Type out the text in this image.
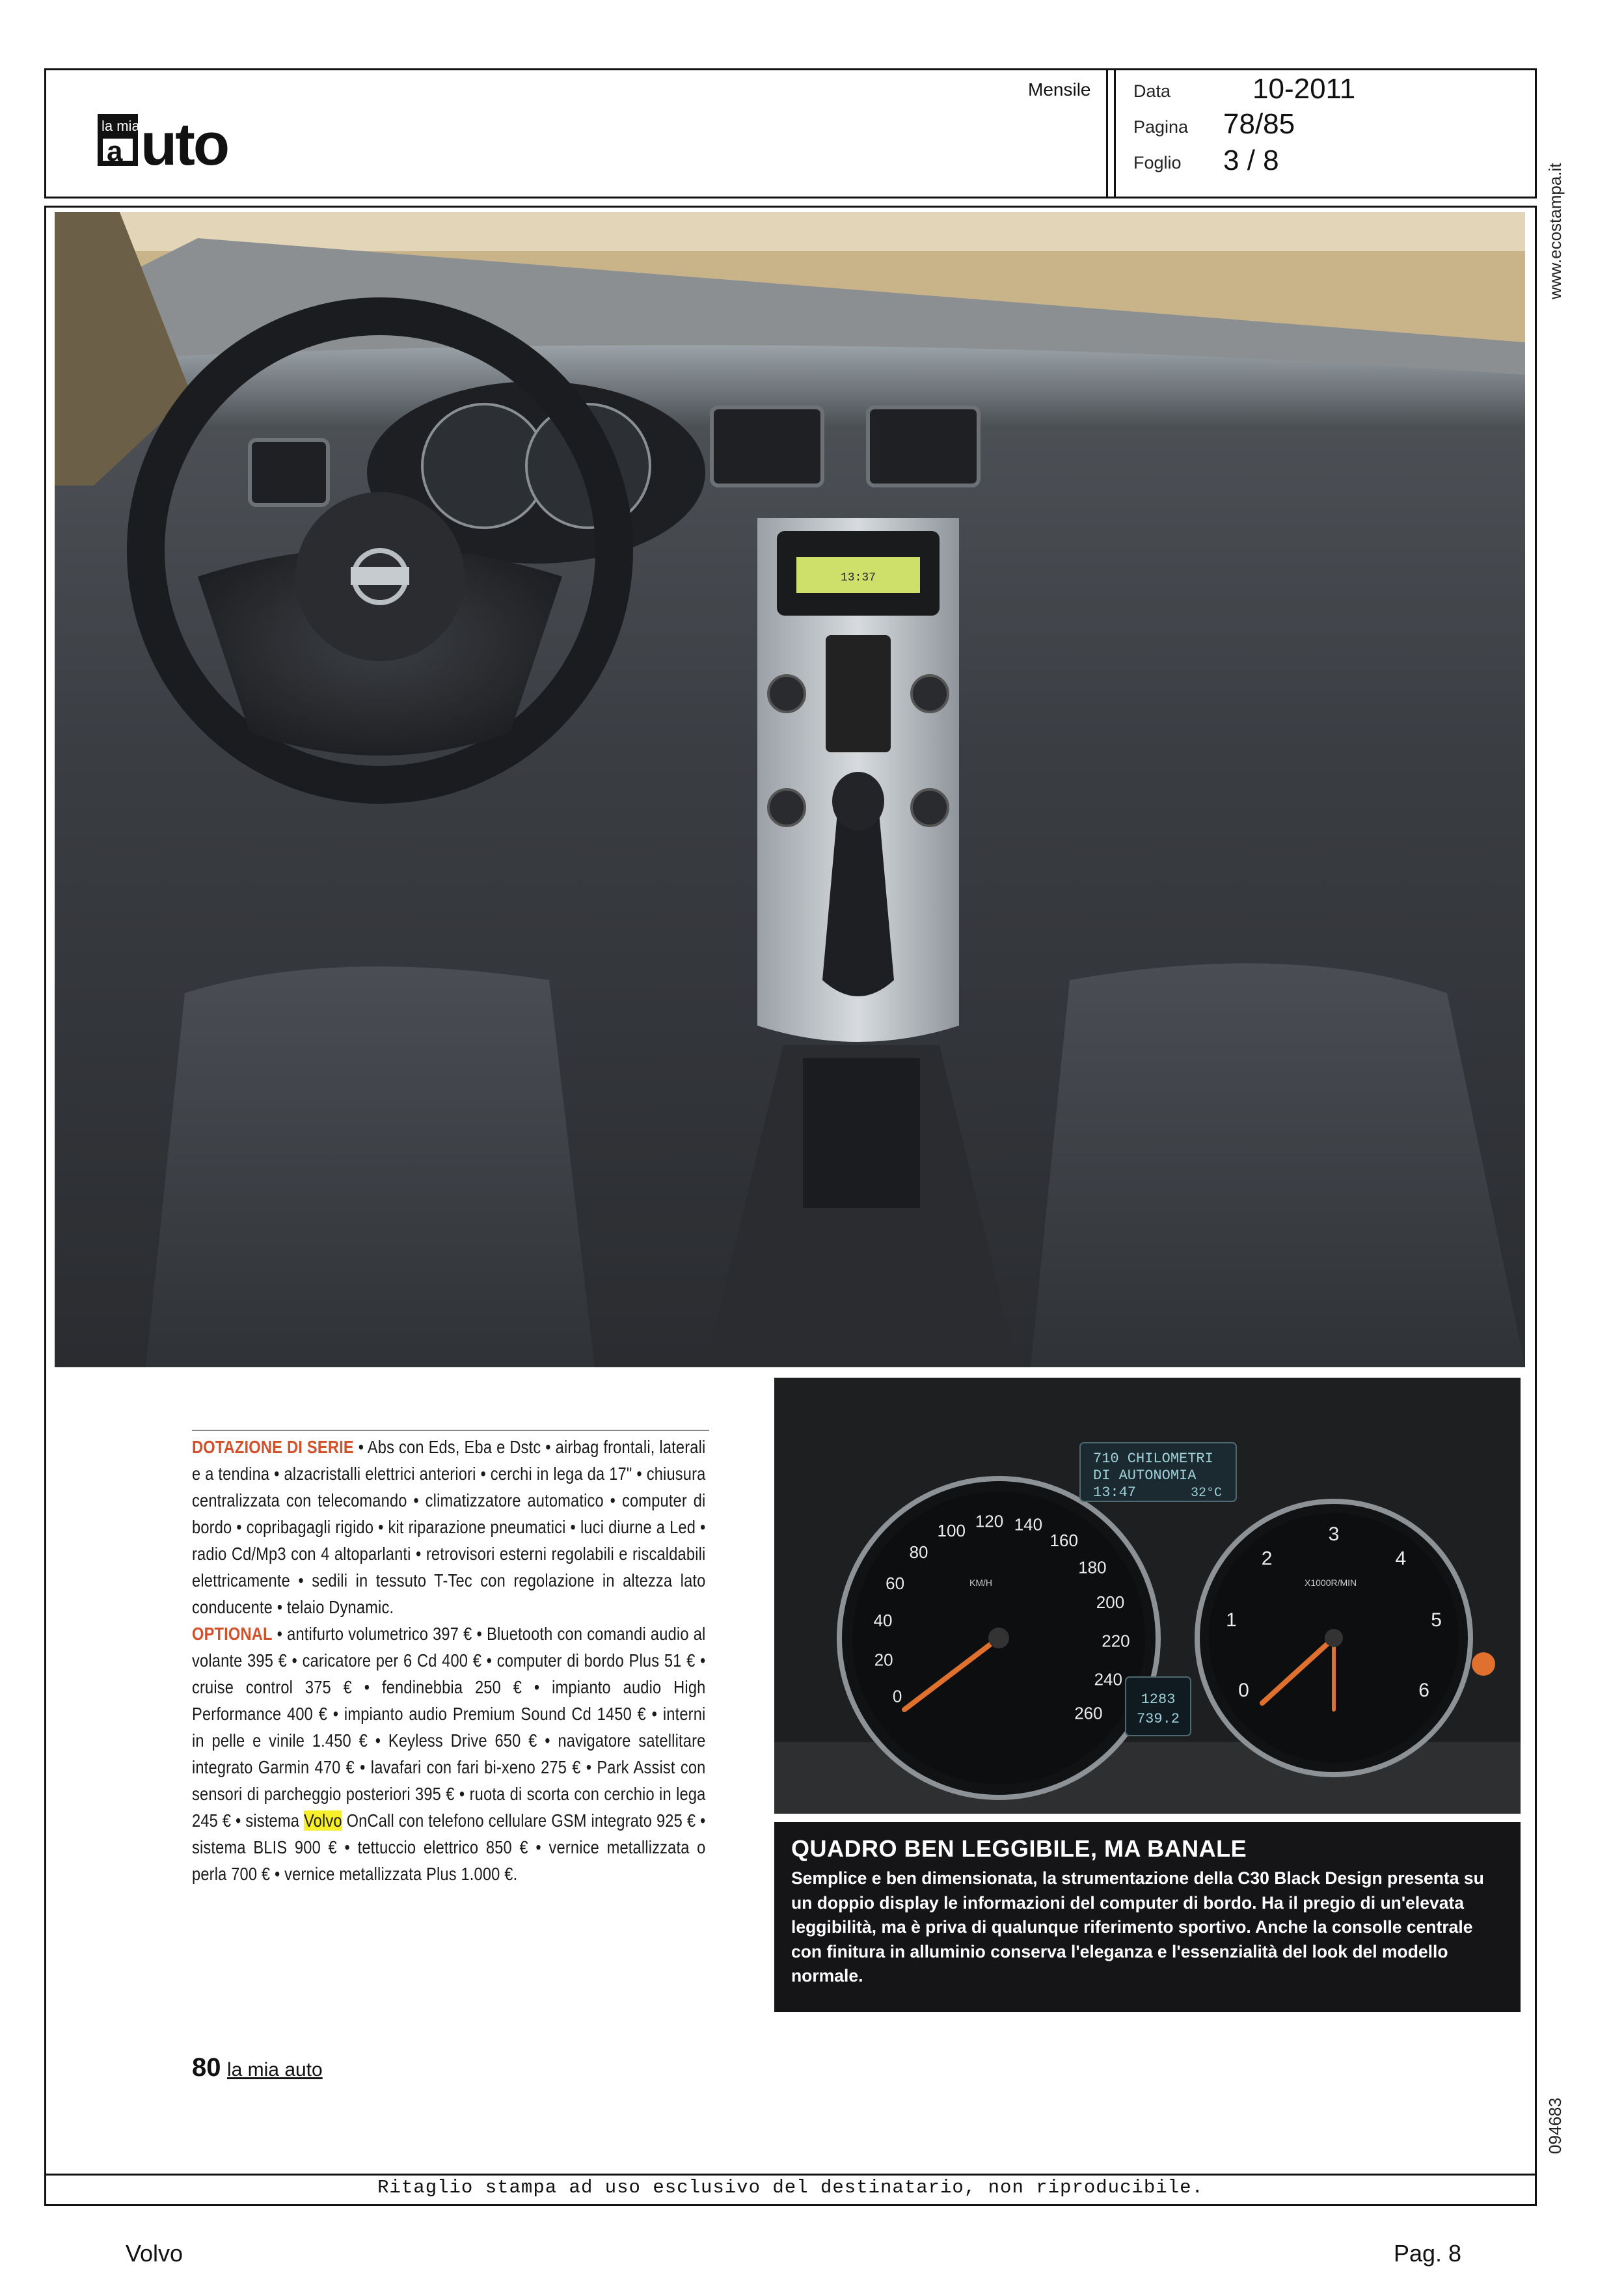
la mia
a uto
Mensile Data	10-2011
Pagina 78/85
Foglio 3 / 8
www.ecostampa.it
094683
13:37

DOTAZIONE DI SERIE • Abs con Eds, Eba e Dstc • airbag frontali, laterali e a tendina • alzacristalli elettrici anteriori • cerchi in lega da 17" • chiusura centralizzata con telecomando • climatizzatore automatico • computer di bordo • copribagagli rigido • kit riparazione pneumatici • luci diurne a Led • radio Cd/Mp3 con 4 altoparlanti • retrovisori esterni regolabili e riscaldabili elettricamente • sedili in tessuto T-Tec con regolazione in altezza lato conducente • telaio Dynamic.

OPTIONAL • antifurto volumetrico 397 € • Bluetooth con comandi audio al volante 395 € • caricatore per 6 Cd 400 € • computer di bordo Plus 51 € • cruise control 375 € • fendinebbia 250 € • impianto audio High Performance 400 € • impianto audio Premium Sound Cd 1450 € • interni in pelle e vinile 1.450 € • Keyless Drive 650 € • navigatore satellitare integrato Garmin 470 € • lavafari con fari bi-xeno 275 € • Park Assist con sensori di parcheggio posteriori 395 € • ruota di scorta con cerchio in lega 245 € • sistema Volvo OnCall con telefono cellulare GSM integrato 925 € • sistema BLIS 900 € • tettuccio elettrico 850 € • vernice metallizzata o perla 700 € • vernice metallizzata Plus 1.000 €.

80 la mia auto
710 CHILOMETRI
DI AUTONOMIA
13:47	32°C
KM/H	X1000R/MIN
0
20
40
60
80
100 120 140
160
180
200
220
240
260
0
1
2
3
4
5
6
1283
739.2
QUADRO BEN LEGGIBILE, MA BANALE
Semplice e ben dimensionata, la strumentazione della C30 Black Design presenta su un doppio display le informazioni del computer di bordo. Ha il pregio di un'elevata leggibilità, ma è priva di qualunque riferimento sportivo. Anche la consolle centrale con finitura in alluminio conserva l'eleganza e l'essenzialità del look del modello normale.
Ritaglio stampa ad uso esclusivo del destinatario, non riproducibile.
Volvo	Pag. 8
